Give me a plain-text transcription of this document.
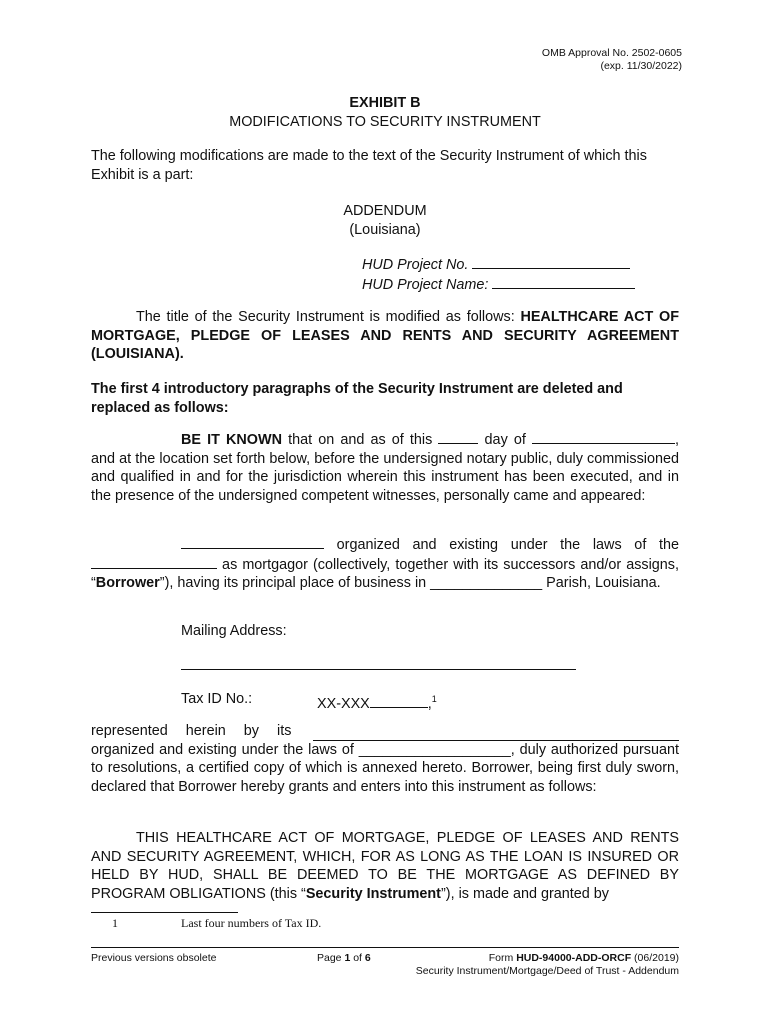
OMB Approval No. 2502-0605
(exp. 11/30/2022)
EXHIBIT B
MODIFICATIONS TO SECURITY INSTRUMENT
The following modifications are made to the text of the Security Instrument of which this Exhibit is a part:
ADDENDUM
(Louisiana)
HUD Project No.
HUD Project Name:
The title of the Security Instrument is modified as follows: HEALTHCARE ACT OF MORTGAGE, PLEDGE OF LEASES AND RENTS AND SECURITY AGREEMENT (LOUISIANA).
The first 4 introductory paragraphs of the Security Instrument are deleted and replaced as follows:
BE IT KNOWN that on and as of this	day of	, and at the location set forth below, before the undersigned notary public, duly commissioned and qualified in and for the jurisdiction wherein this instrument has been executed, and in the presence of the undersigned competent witnesses, personally came and appeared:
organized and existing under the laws of the  as mortgagor (collectively, together with its successors and/or assigns, “Borrower”), having its principal place of business in ______________ Parish, Louisiana.
Mailing Address:
Tax ID No.:	XX-XXX	,$^1$
represented herein by its
organized and existing under the laws of ___________________, duly authorized pursuant to resolutions, a certified copy of which is annexed hereto. Borrower, being first duly sworn, declared that Borrower hereby grants and enters into this instrument as follows:
THIS HEALTHCARE ACT OF MORTGAGE, PLEDGE OF LEASES AND RENTS AND SECURITY AGREEMENT, WHICH, FOR AS LONG AS THE LOAN IS INSURED OR HELD BY HUD, SHALL BE DEEMED TO BE THE MORTGAGE AS DEFINED BY PROGRAM OBLIGATIONS (this “Security Instrument”), is made and granted by
1	Last four numbers of Tax ID.
Previous versions obsolete	Page 1 of 6	Form HUD-94000-ADD-ORCF (06/2019)
Security Instrument/Mortgage/Deed of Trust - Addendum
